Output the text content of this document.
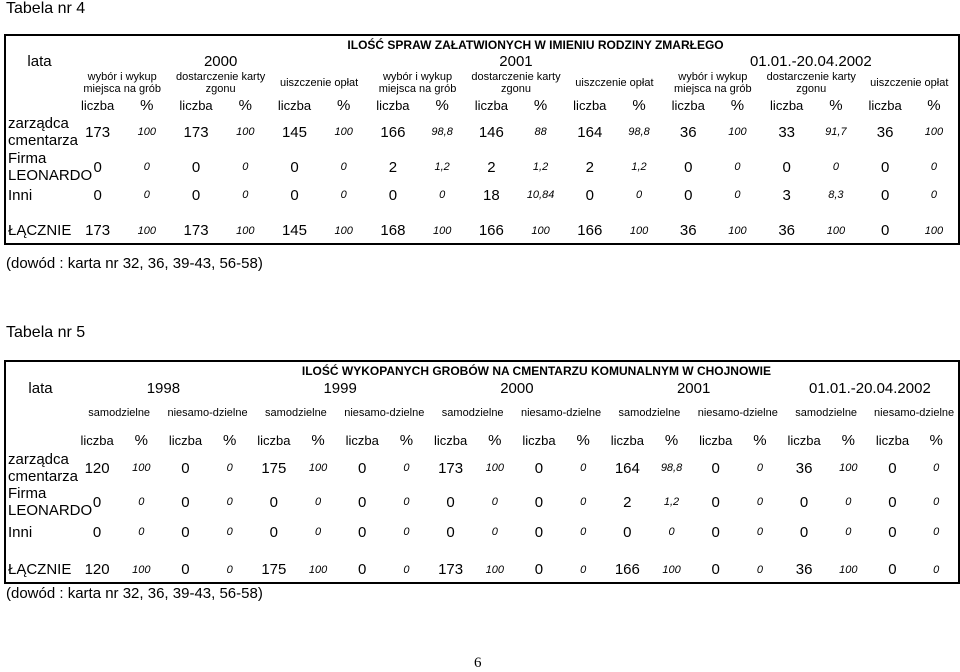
Tabela nr 4
	ILOŚĆ SPRAW ZAŁATWIONYCH W IMIENIU RODZINY ZMARŁEGO																	
lata	2000						2001						01.01.-20.04.2002					
	wybór i wykup miejsca na grób		dostarczenie karty zgonu		uiszczenie opłat		wybór i wykup miejsca na grób		dostarczenie karty zgonu		uiszczenie opłat		wybór i wykup miejsca na grób		dostarczenie karty zgonu		uiszczenie opłat	
	liczba	%	liczba	%	liczba	%	liczba	%	liczba	%	liczba	%	liczba	%	liczba	%	liczba	%
zarządca cmentarza	173	100	173	100	145	100	166	98,8	146	88	164	98,8	36	100	33	91,7	36	100
Firma LEONARDO	0	0	0	0	0	0	2	1,2	2	1,2	2	1,2	0	0	0	0	0	0
Inni	0	0	0	0	0	0	0	0	18	10,84	0	0	0	0	3	8,3	0	0

ŁĄCZNIE	173	100	173	100	145	100	168	100	166	100	166	100	36	100	36	100	0	100
(dowód : karta nr 32, 36, 39-43, 56-58)
Tabela nr 5
	ILOŚĆ WYKOPANYCH GROBÓW NA CMENTARZU KOMUNALNYM W CHOJNOWIE																			
lata	1998				1999				2000				2001				01.01.-20.04.2002			
	samodzielne		niesamo-dzielne		samodzielne		niesamo-dzielne		samodzielne		niesamo-dzielne		samodzielne		niesamo-dzielne		samodzielne		niesamo-dzielne	
	liczba	%	liczba	%	liczba	%	liczba	%	liczba	%	liczba	%	liczba	%	liczba	%	liczba	%	liczba	%
zarządca cmentarza	120	100	0	0	175	100	0	0	173	100	0	0	164	98,8	0	0	36	100	0	0
Firma LEONARDO	0	0	0	0	0	0	0	0	0	0	0	0	2	1,2	0	0	0	0	0	0
Inni	0	0	0	0	0	0	0	0	0	0	0	0	0	0	0	0	0	0	0	0

ŁĄCZNIE	120	100	0	0	175	100	0	0	173	100	0	0	166	100	0	0	36	100	0	0
(dowód : karta nr 32, 36, 39-43, 56-58)
6
